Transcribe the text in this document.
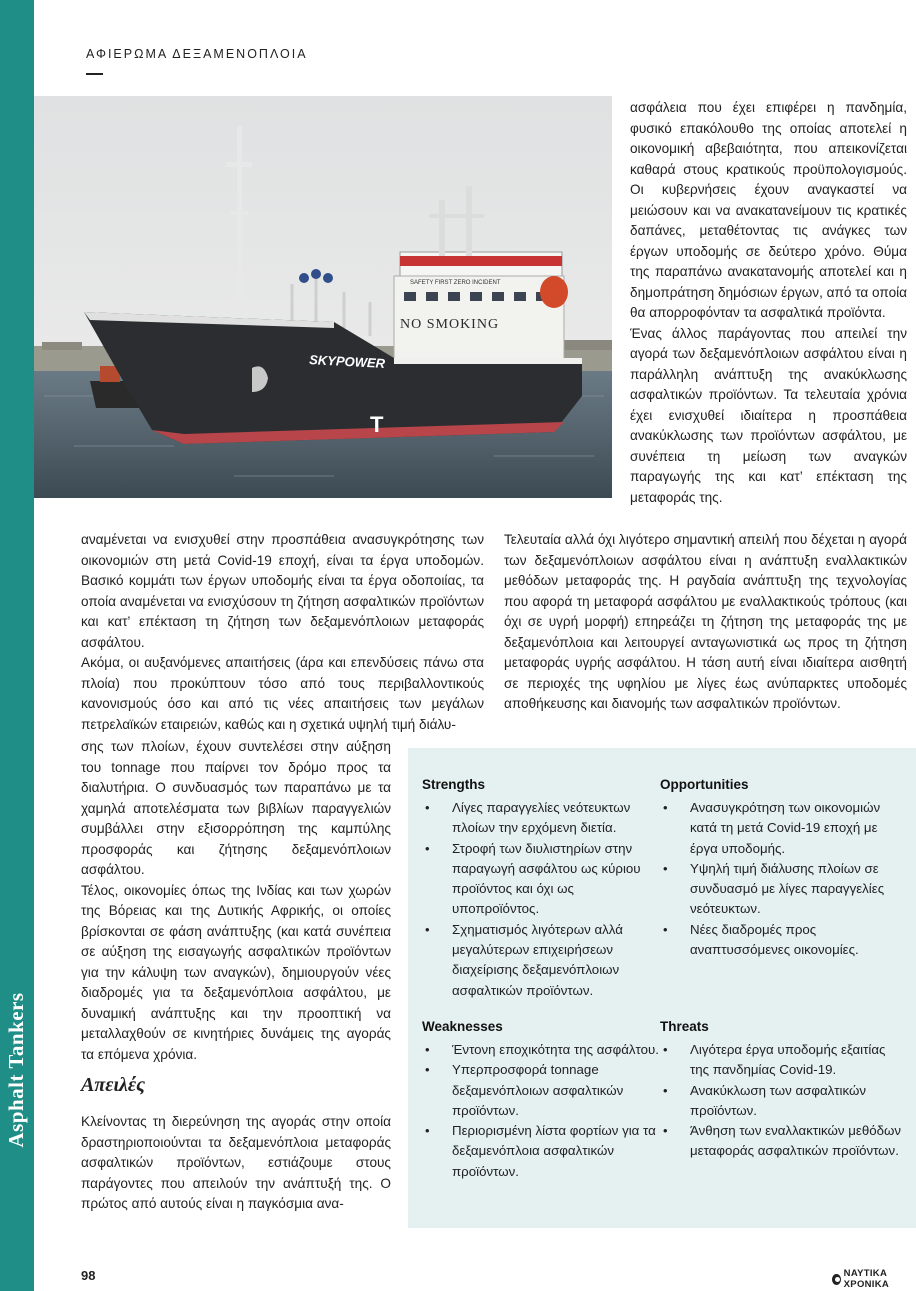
Asphalt Tankers
ΑΦΙΕΡΩΜΑ ΔΕΞΑΜΕΝΟΠΛΟΙΑ
SAFETY FIRST ZERO INCIDENT
NO SMOKING
SKYPOWER
T

ασφάλεια που έχει επιφέρει η πανδημία, φυσικό επακόλουθο της οποίας αποτελεί η οικονομική αβεβαιότητα, που απεικονίζεται καθαρά στους κρατικούς προϋπολογισμούς. Οι κυβερνήσεις έχουν αναγκαστεί να μειώσουν και να ανακατανείμουν τις κρατικές δαπάνες, μεταθέτοντας τις ανάγκες των έργων υποδομής σε δεύτερο χρόνο. Θύμα της παραπάνω ανακατανομής αποτελεί και η δημοπράτηση δημόσιων έργων, από τα οποία θα απορροφόνταν τα ασφαλτικά προϊόντα.

Ένας άλλος παράγοντας που απειλεί την αγορά των δεξαμενόπλοιων ασφάλτου είναι η παράλληλη ανάπτυξη της ανακύκλωσης ασφαλτικών προϊόντων. Τα τελευταία χρόνια έχει ενισχυθεί ιδιαίτερα η προσπάθεια ανακύκλωσης των προϊόντων ασφάλτου, με συνέπεια τη μείωση των αναγκών παραγωγής της και κατ’ επέκταση της μεταφοράς της.

αναμένεται να ενισχυθεί στην προσπάθεια ανασυγκρότησης των οικονομιών στη μετά Covid-19 εποχή, είναι τα έργα υποδομών. Βασικό κομμάτι των έργων υποδομής είναι τα έργα οδοποιίας, τα οποία αναμένεται να ενισχύσουν τη ζήτηση ασφαλτικών προϊόντων και κατ’ επέκταση τη ζήτηση των δεξαμενόπλοιων μεταφοράς ασφάλτου.

Ακόμα, οι αυξανόμενες απαιτήσεις (άρα και επενδύσεις πάνω στα πλοία) που προκύπτουν τόσο από τους περιβαλλοντικούς κανονισμούς όσο και από τις νέες απαιτήσεις των μεγάλων πετρελαϊκών εταιρειών, καθώς και η σχετικά υψηλή τιμή διάλυ-

σης των πλοίων, έχουν συντελέσει στην αύξηση του tonnage που παίρνει τον δρόμο προς τα διαλυτήρια. Ο συνδυασμός των παραπάνω με τα χαμηλά αποτελέσματα των βιβλίων παραγγελιών συμβάλλει στην εξισορρόπηση της καμπύλης προσφοράς και ζήτησης δεξαμενόπλοιων ασφάλτου.

Τέλος, οικονομίες όπως της Ινδίας και των χωρών της Βόρειας και της Δυτικής Αφρικής, οι οποίες βρίσκονται σε φάση ανάπτυξης (και κατά συνέπεια σε αύξηση της εισαγωγής ασφαλτικών προϊόντων για την κάλυψη των αναγκών), δημιουργούν νέες διαδρομές για τα δεξαμενόπλοια ασφάλτου, με δυναμική ανάπτυξης και την προοπτική να μεταλλαχθούν σε κινητήριες δυνάμεις της αγοράς τα επόμενα χρόνια.

Απειλές

Κλείνοντας τη διερεύνηση της αγοράς στην οποία δραστηριοποιούνται τα δεξαμενόπλοια μεταφοράς ασφαλτικών προϊόντων, εστιάζουμε στους παράγοντες που απειλούν την ανάπτυξή της. Ο πρώτος από αυτούς είναι η παγκόσμια ανα-

Τελευταία αλλά όχι λιγότερο σημαντική απειλή που δέχεται η αγορά των δεξαμενόπλοιων ασφάλτου είναι η ανάπτυξη εναλλακτικών μεθόδων μεταφοράς της. Η ραγδαία ανάπτυξη της τεχνολογίας που αφορά τη μεταφορά ασφάλτου με εναλλακτικούς τρόπους (και όχι σε υγρή μορφή) επηρεάζει τη ζήτηση της μεταφοράς της με δεξαμενόπλοια και λειτουργεί ανταγωνιστικά ως προς τη ζήτηση μεταφοράς υγρής ασφάλτου. Η τάση αυτή είναι ιδιαίτερα αισθητή σε περιοχές της υφηλίου με λίγες έως ανύπαρκτες υποδομές αποθήκευσης και διανομής των ασφαλτικών προϊόντων.

Strengths
• Λίγες παραγγελίες νεότευκτων πλοίων την ερχόμενη διετία.
• Στροφή των διυλιστηρίων στην παραγωγή ασφάλτου ως κύριου προϊόντος και όχι ως υποπροϊόντος.
• Σχηματισμός λιγότερων αλλά μεγαλύτερων επιχειρήσεων διαχείρισης δεξαμενόπλοιων ασφαλτικών προϊόντων.
Opportunities
• Ανασυγκρότηση των οικονομιών κατά τη μετά Covid-19 εποχή με έργα υποδομής.
• Υψηλή τιμή διάλυσης πλοίων σε συνδυασμό με λίγες παραγγελίες νεότευκτων.
• Νέες διαδρομές προς αναπτυσσόμενες οικονομίες.
Weaknesses
• Έντονη εποχικότητα της ασφάλτου.
• Υπερπροσφορά tonnage δεξαμενόπλοιων ασφαλτικών προϊόντων.
• Περιορισμένη λίστα φορτίων για τα δεξαμενόπλοια ασφαλτικών προϊόντων.
Threats
• Λιγότερα έργα υποδομής εξαιτίας της πανδημίας Covid-19.
• Ανακύκλωση των ασφαλτικών προϊόντων.
• Άνθηση των εναλλακτικών μεθόδων μεταφοράς ασφαλτικών προϊόντων.
98	ΝΑΥΤΙΚΑ ΧΡΟΝΙΚΑ
